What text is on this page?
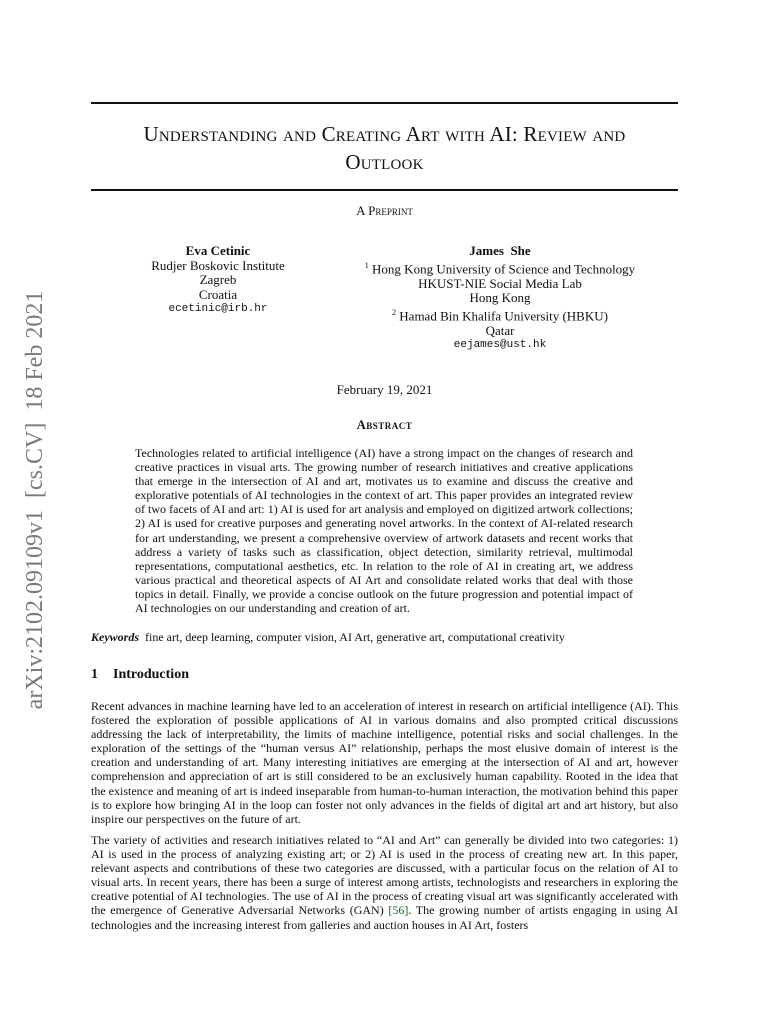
arXiv:2102.09109v1  [cs.CV]  18 Feb 2021
Understanding and Creating Art with AI: Review and
Outlook
A Preprint
Eva Cetinic
Rudjer Boskovic Institute
Zagreb
Croatia
ecetinic@irb.hr
James  She
$^1$ Hong Kong University of Science and Technology
HKUST-NIE Social Media Lab
Hong Kong
$^2$ Hamad Bin Khalifa University (HBKU)
Qatar
eejames@ust.hk
February 19, 2021
Abstract
Technologies related to artificial intelligence (AI) have a strong impact on the changes of research and creative practices in visual arts. The growing number of research initiatives and creative applications that emerge in the intersection of AI and art, motivates us to examine and discuss the creative and explorative potentials of AI technologies in the context of art. This paper provides an integrated review of two facets of AI and art: 1) AI is used for art analysis and employed on digitized artwork collections; 2) AI is used for creative purposes and generating novel artworks. In the context of AI-related research for art understanding, we present a comprehensive overview of artwork datasets and recent works that address a variety of tasks such as classification, object detection, similarity retrieval, multimodal representations, computational aesthetics, etc. In relation to the role of AI in creating art, we address various practical and theoretical aspects of AI Art and consolidate related works that deal with those topics in detail. Finally, we provide a concise outlook on the future progression and potential impact of AI technologies on our understanding and creation of art.
Keywords fine art, deep learning, computer vision, AI Art, generative art, computational creativity
1 Introduction
Recent advances in machine learning have led to an acceleration of interest in research on artificial intelligence (AI). This fostered the exploration of possible applications of AI in various domains and also prompted critical discussions addressing the lack of interpretability, the limits of machine intelligence, potential risks and social challenges. In the exploration of the settings of the “human versus AI” relationship, perhaps the most elusive domain of interest is the creation and understanding of art. Many interesting initiatives are emerging at the intersection of AI and art, however comprehension and appreciation of art is still considered to be an exclusively human capability. Rooted in the idea that the existence and meaning of art is indeed inseparable from human-to-human interaction, the motivation behind this paper is to explore how bringing AI in the loop can foster not only advances in the fields of digital art and art history, but also inspire our perspectives on the future of art.
The variety of activities and research initiatives related to “AI and Art” can generally be divided into two categories: 1) AI is used in the process of analyzing existing art; or 2) AI is used in the process of creating new art. In this paper, relevant aspects and contributions of these two categories are discussed, with a particular focus on the relation of AI to visual arts. In recent years, there has been a surge of interest among artists, technologists and researchers in exploring the creative potential of AI technologies. The use of AI in the process of creating visual art was significantly accelerated with the emergence of Generative Adversarial Networks (GAN) [56]. The growing number of artists engaging in using AI technologies and the increasing interest from galleries and auction houses in AI Art, fosters
